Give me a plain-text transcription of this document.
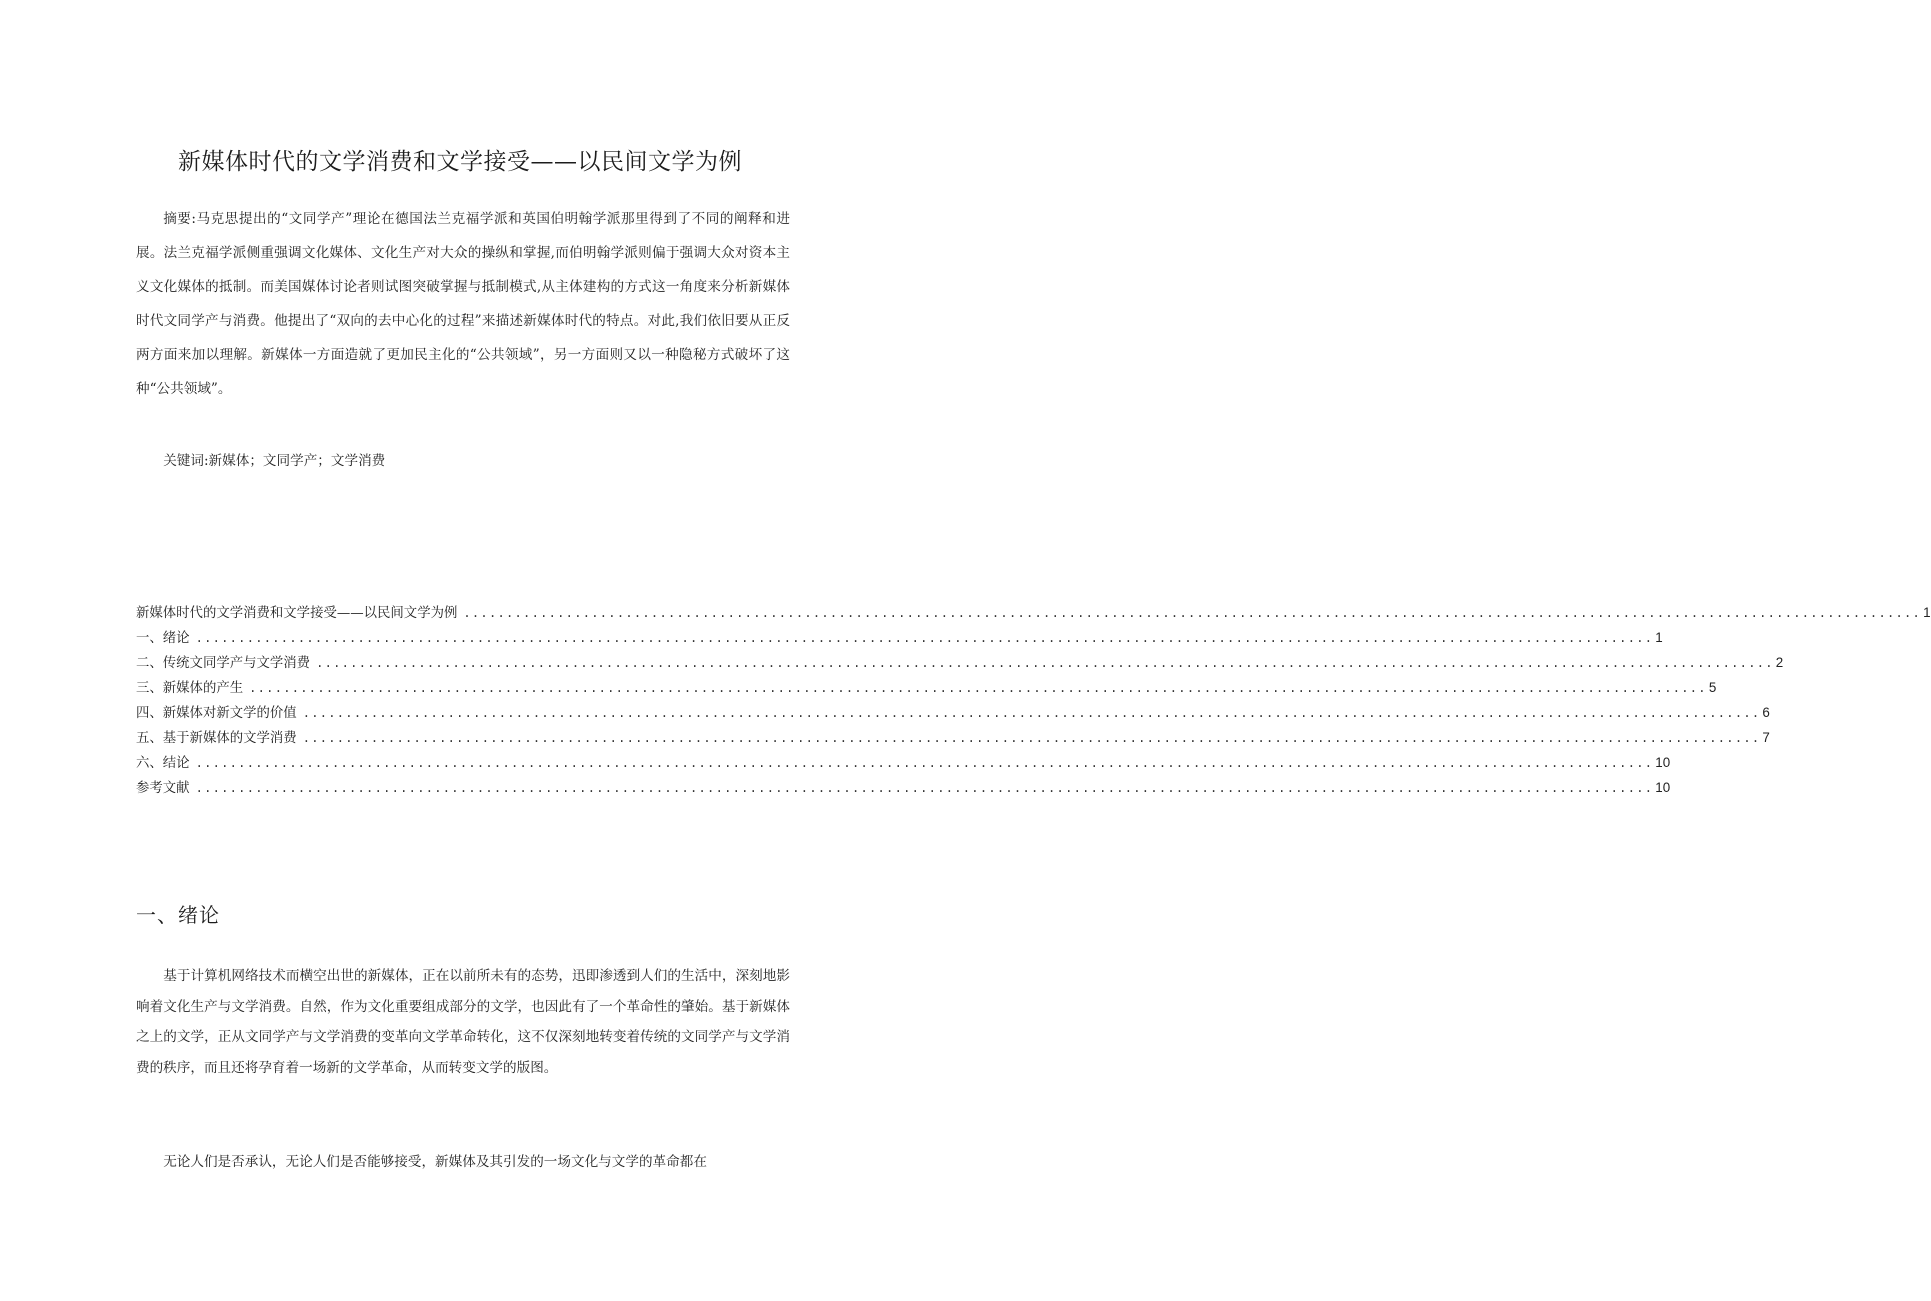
新媒体时代的文学消费和文学接受——以民间文学为例

摘要:马克思提出的“文同学产”理论在德国法兰克福学派和英国伯明翰学派那里得到了不同的阐释和进展。法兰克福学派侧重强调文化媒体、文化生产对大众的操纵和掌握,而伯明翰学派则偏于强调大众对资本主义文化媒体的抵制。而美国媒体讨论者则试图突破掌握与抵制模式,从主体建构的方式这一角度来分析新媒体时代文同学产与消费。他提出了“双向的去中心化的过程”来描述新媒体时代的特点。对此,我们依旧要从正反两方面来加以理解。新媒体一方面造就了更加民主化的“公共领域”，另一方面则又以一种隐秘方式破坏了这种“公共领域”。

关键词:新媒体；文同学产；文学消费

新媒体时代的文学消费和文学接受——以民间文学为例 ........................................................................................................................................................................... 1
一、绪论 ........................................................................................................................................................................... 1
二、传统文同学产与文学消费 ........................................................................................................................................................................... 2
三、新媒体的产生 ........................................................................................................................................................................... 5
四、新媒体对新文学的价值 ........................................................................................................................................................................... 6
五、基于新媒体的文学消费 ........................................................................................................................................................................... 7
六、结论 ........................................................................................................................................................................... 10
参考文献 ........................................................................................................................................................................... 10
一、绪论

基于计算机网络技术而横空出世的新媒体，正在以前所未有的态势，迅即渗透到人们的生活中，深刻地影响着文化生产与文学消费。自然，作为文化重要组成部分的文学，也因此有了一个革命性的肇始。基于新媒体之上的文学，正从文同学产与文学消费的变革向文学革命转化，这不仅深刻地转变着传统的文同学产与文学消费的秩序，而且还将孕育着一场新的文学革命，从而转变文学的版图。

无论人们是否承认，无论人们是否能够接受，新媒体及其引发的一场文化与文学的革命都在
